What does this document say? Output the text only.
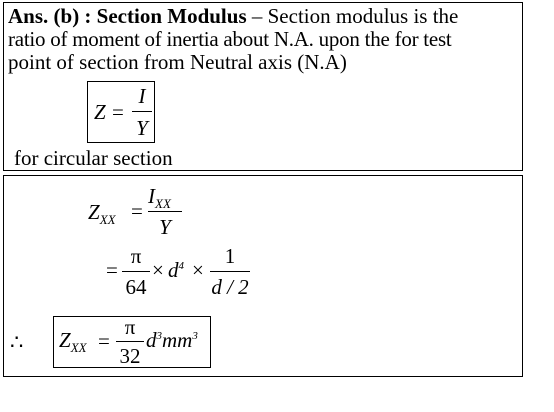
Ans. (b) : Section Modulus – Section modulus is the
ratio of moment of inertia about N.A. upon the for test
point of section from Neutral axis (N.A)
Z =
I
Y
for circular section
$Z_{XX}$ =
$I_{XX}$
Y
=
π
64
× $d^4$ ×
1
d / 2
∴ $Z_{XX}$ =
π
32
$d^3mm^3$
